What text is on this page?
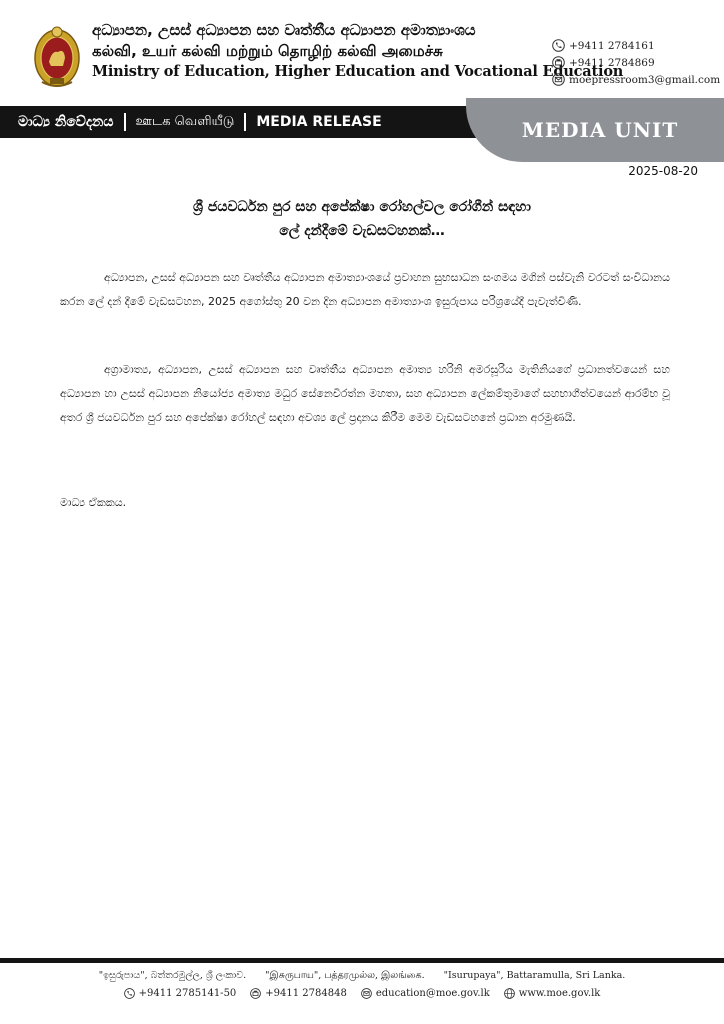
අධ්‍යාපන, උසස් අධ්‍යාපන සහ වෘත්තීය අධ්‍යාපන අමාත්‍යාංශය
கல்வி, உயர் கல்வி மற்றும் தொழிற் கல்வி அமைச்சு
Ministry of Education, Higher Education and Vocational Education
+9411 2784161
+9411 2784869
moepressroom3@gmail.com
මාධ්‍ය නිවේදනය ஊடக வெளியீடு MEDIA RELEASE	MEDIA UNIT
2025-08-20
ශ්‍රී ජයවර්ධන පුර සහ අපේක්ෂා රෝහල්වල රෝගීන් සඳහා
ලේ දන්දීමේ වැඩසටහනක්…
අධ්‍යාපන, උසස් අධ්‍යාපන සහ වෘත්තීය අධ්‍යාපන අමාත්‍යාංශයේ ප්‍රවාහන සුභසාධන සංගමය මගින් පස්වැනි වරටත් සංවිධානය කරන ලේ දන් දීමේ වැඩසටහන, 2025 අගෝස්තු 20 වන දින අධ්‍යාපන අමාත්‍යාංශ ඉසුරුපාය පරිශ්‍රයේදී පැවැත්විණි.
අග්‍රාමාත්‍ය, අධ්‍යාපන, උසස් අධ්‍යාපන සහ වෘත්තීය අධ්‍යාපන අමාත්‍ය හරිනි අමරසූරිය මැතිනියගේ ප්‍රධානත්වයෙන් සහ අධ්‍යාපන හා උසස් අධ්‍යාපන නියෝජ්‍ය අමාත්‍ය මධුර සේනෙවිරත්න මහතා, සහ අධ්‍යාපන ලේකම්තුමාගේ සහභාගීත්වයෙන් ආරම්භ වූ අතර ශ්‍රී ජයවර්ධන පුර සහ අපේක්ෂා රෝහල් සඳහා අවශ්‍ය ලේ ප්‍රදානය කිරීම මෙම වැඩසටහනේ ප්‍රධාන අරමුණයි.
මාධ්‍ය ඒකකය.
"ඉසුරුපාය", බත්තරමුල්ල, ශ්‍රී ලංකාව. "இசுருபாய", பத்தரமுல்ல, இலங்கை. "Isurupaya", Battaramulla, Sri Lanka.
+9411 2785141-50	+9411 2784848	education@moe.gov.lk	www.moe.gov.lk
